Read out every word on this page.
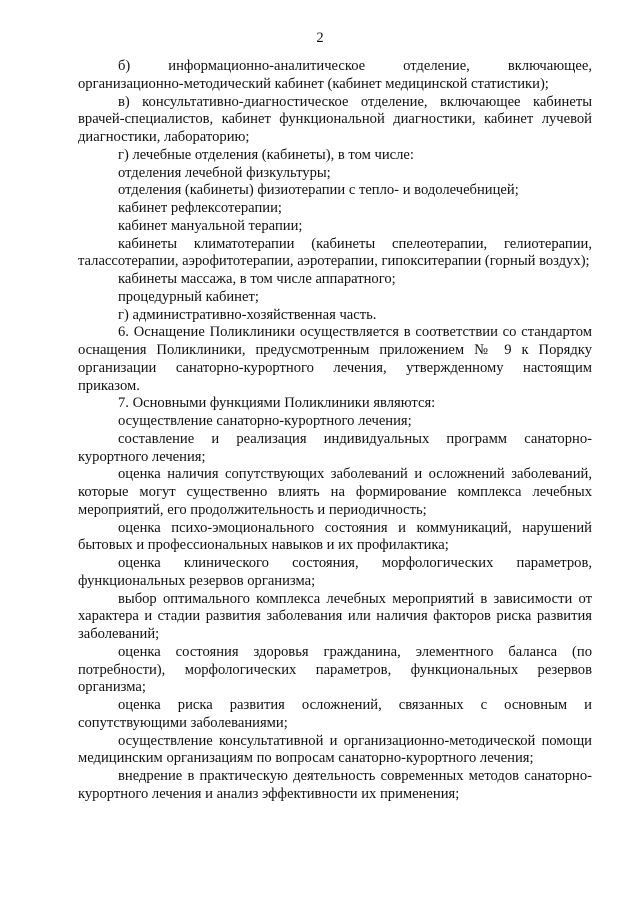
2

б) информационно-аналитическое отделение, включающее, организационно-методический кабинет (кабинет медицинской статистики);

в) консультативно-диагностическое отделение, включающее кабинеты врачей-специалистов, кабинет функциональной диагностики, кабинет лучевой диагностики, лабораторию;

г) лечебные отделения (кабинеты), в том числе:

отделения лечебной физкультуры;

отделения (кабинеты) физиотерапии с тепло- и водолечебницей;

кабинет рефлексотерапии;

кабинет мануальной терапии;

кабинеты климатотерапии (кабинеты спелеотерапии, гелиотерапии, талассотерапии, аэрофитотерапии, аэротерапии, гипокситерапии (горный воздух);

кабинеты массажа, в том числе аппаратного;

процедурный кабинет;

г) административно-хозяйственная часть.

6. Оснащение Поликлиники осуществляется в соответствии со стандартом оснащения Поликлиники, предусмотренным приложением № 9 к Порядку организации санаторно-курортного лечения, утвержденному настоящим приказом.

7. Основными функциями Поликлиники являются:

осуществление санаторно-курортного лечения;

составление и реализация индивидуальных программ санаторно-курортного лечения;

оценка наличия сопутствующих заболеваний и осложнений заболеваний, которые могут существенно влиять на формирование комплекса лечебных мероприятий, его продолжительность и периодичность;

оценка психо-эмоционального состояния и коммуникаций, нарушений бытовых и профессиональных навыков и их профилактика;

оценка клинического состояния, морфологических параметров, функциональных резервов организма;

выбор оптимального комплекса лечебных мероприятий в зависимости от характера и стадии развития заболевания или наличия факторов риска развития заболеваний;

оценка состояния здоровья гражданина, элементного баланса (по потребности), морфологических параметров, функциональных резервов организма;

оценка риска развития осложнений, связанных с основным и сопутствующими заболеваниями;

осуществление консультативной и организационно-методической помощи медицинским организациям по вопросам санаторно-курортного лечения;

внедрение в практическую деятельность современных методов санаторно-курортного лечения и анализ эффективности их применения;
